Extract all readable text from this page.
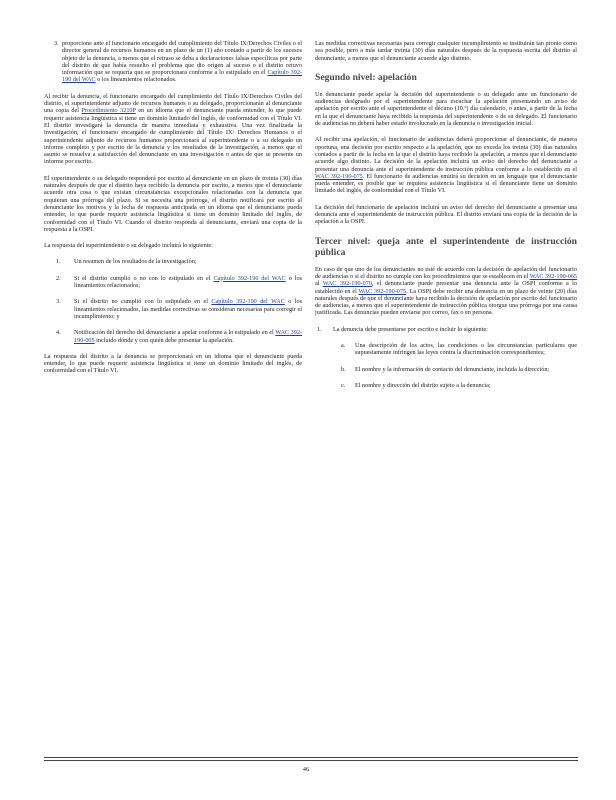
3. proporcione ante el funcionario encargado del cumplimiento del Título IX/Derechos Civiles o el director general de recursos humanos en un plazo de un (1) año contado a partir de los sucesos objeto de la denuncia, a menos que el retraso se deba a declaraciones falsas específicas por parte del distrito de que había resuelto el problema que dio origen al suceso o el distrito retuvo información que se requería que se proporcionara conforme a lo estipulado en el Capítulo 392-190 del WAC o los lineamientos relacionados.

Al recibir la denuncia, el funcionario encargado del cumplimiento del Título IX/Derechos Civiles del distrito, el superintendente adjunto de recursos humanos o su delegado, proporcionarán al denunciante una copia del Procedimiento 3210P en un idioma que el denunciante pueda entender, lo que puede requerir asistencia lingüística si tiene un dominio limitado del inglés, de conformidad con el Título VI. El distrito investigará la denuncia de manera inmediata y exhaustiva. Una vez finalizada la investigación, el funcionario encargado de cumplimiento del Título IX/ Derechos Humanos o el superintendente adjunto de recursos humanos proporcionará al superintendente o a su delegado un informe completo y por escrito de la denuncia y los resultados de la investigación, a menos que el asunto se resuelva a satisfacción del denunciante en una investigación o antes de que se presente un informe por escrito.

El superintendente o su delegado responderá por escrito al denunciante en un plazo de treinta (30) días naturales después de que el distrito haya recibido la denuncia por escrito, a menos que el denunciante acuerde otra cosa o que existan circunstancias excepcionales relacionadas con la denuncia que requieran una prórroga del plazo. Si se necesita una prórroga, el distrito notificará por escrito al denunciante los motivos y la fecha de respuesta anticipada en un idioma que el denunciante pueda entender, lo que puede requerir asistencia lingüística si tiene un dominio limitado del inglés, de conformidad con el Título VI. Cuando el distrito responda al denunciante, enviará una copia de la respuesta a la OSPI.

La respuesta del superintendente o su delegado incluirá lo siguiente:

1. Un resumen de los resultados de la investigación;
2. Si el distrito cumplió o no con lo estipulado en el Capítulo 392-190 del WAC o los lineamientos relacionados;
3. Si el distrito no cumplió con lo estipulado en el Capítulo 392-190 del WAC o los lineamientos relacionados, las medidas correctivas se consideran necesarias para corregir el incumplimiento; y
4. Notificación del derecho del denunciante a apelar conforme a lo estipulado en el WAC 392-190-005 incluido dónde y con quién debe presentar la apelación.

La respuesta del distrito a la denuncia se proporcionará en un idioma que el denunciante pueda entender, lo que puede requerir asistencia lingüística si tiene un dominio limitado del inglés, de conformidad con el Título VI.

Las medidas correctivas necesarias para corregir cualquier incumplimiento se instituirán tan pronto como sea posible, pero a más tardar treinta (30) días naturales después de la respuesta escrita del distrito al denunciante, a menos que el denunciante acuerde algo distinto.

Segundo nivel: apelación

Un denunciante puede apelar la decisión del superintendente o su delegado ante un funcionario de audiencias designado por el superintendente para escuchar la apelación presentando un aviso de apelación por escrito ante el superintendente el décimo (10.º) día calendario, o antes, a partir de la fecha en la que el denunciante haya recibido la respuesta del superintendente o de su delegado. El funcionario de audiencias no deberá haber estado involucrado en la denuncia o investigación inicial.

Al recibir una apelación, el funcionario de audiencias deberá proporcionar al denunciante, de manera oportuna, una decisión por escrito respecto a la apelación, que no exceda los treinta (30) días naturales contados a partir de la fecha en la que el distrito haya recibido la apelación, a menos que el denunciante acuerde algo distinto. La decisión de la apelación incluirá un aviso del derecho del denunciante a presentar una denuncia ante el superintendente de instrucción pública conforme a lo establecido en el WAC 392-190-075. El funcionario de audiencias emitirá su decisión en un lenguaje que el denunciante pueda entender, es posible que se requiera asistencia lingüística si el denunciante tiene un dominio limitado del inglés, de conformidad con el Título VI.

La decisión del funcionario de apelación incluirá un aviso del derecho del denunciante a presentar una denuncia ante el superintendente de instrucción pública. El distrito enviará una copia de la decisión de la apelación a la OSPI.

Tercer nivel: queja ante el superintendente de instrucción pública

En caso de que uno de los denunciantes no esté de acuerdo con la decisión de apelación del funcionario de audiencias o si el distrito no cumple con los procedimientos que se establecen en el WAC 392-190-065 al WAC 392-190-070, el denunciante puede presentar una denuncia ante la OSPI conforme a lo establecido en el WAC 392-190-075. La OSPI debe recibir una denuncia en un plazo de veinte (20) días naturales después de que el denunciante haya recibido la decisión de apelación por escrito del funcionario de audiencias, a menos que el superintendente de instrucción pública otorgue una prórroga por una causa justificada. Las denuncias pueden enviarse por correo, fax o en persona.

1. La denuncia debe presentarse por escrito e incluir lo siguiente:
a. Una descripción de los actos, las condiciones o las circunstancias particulares que supuestamente infringen las leyes contra la discriminación correspondientes;
b. El nombre y la información de contacto del denunciante, incluida la dirección;
c. El nombre y dirección del distrito sujeto a la denuncia;
46
